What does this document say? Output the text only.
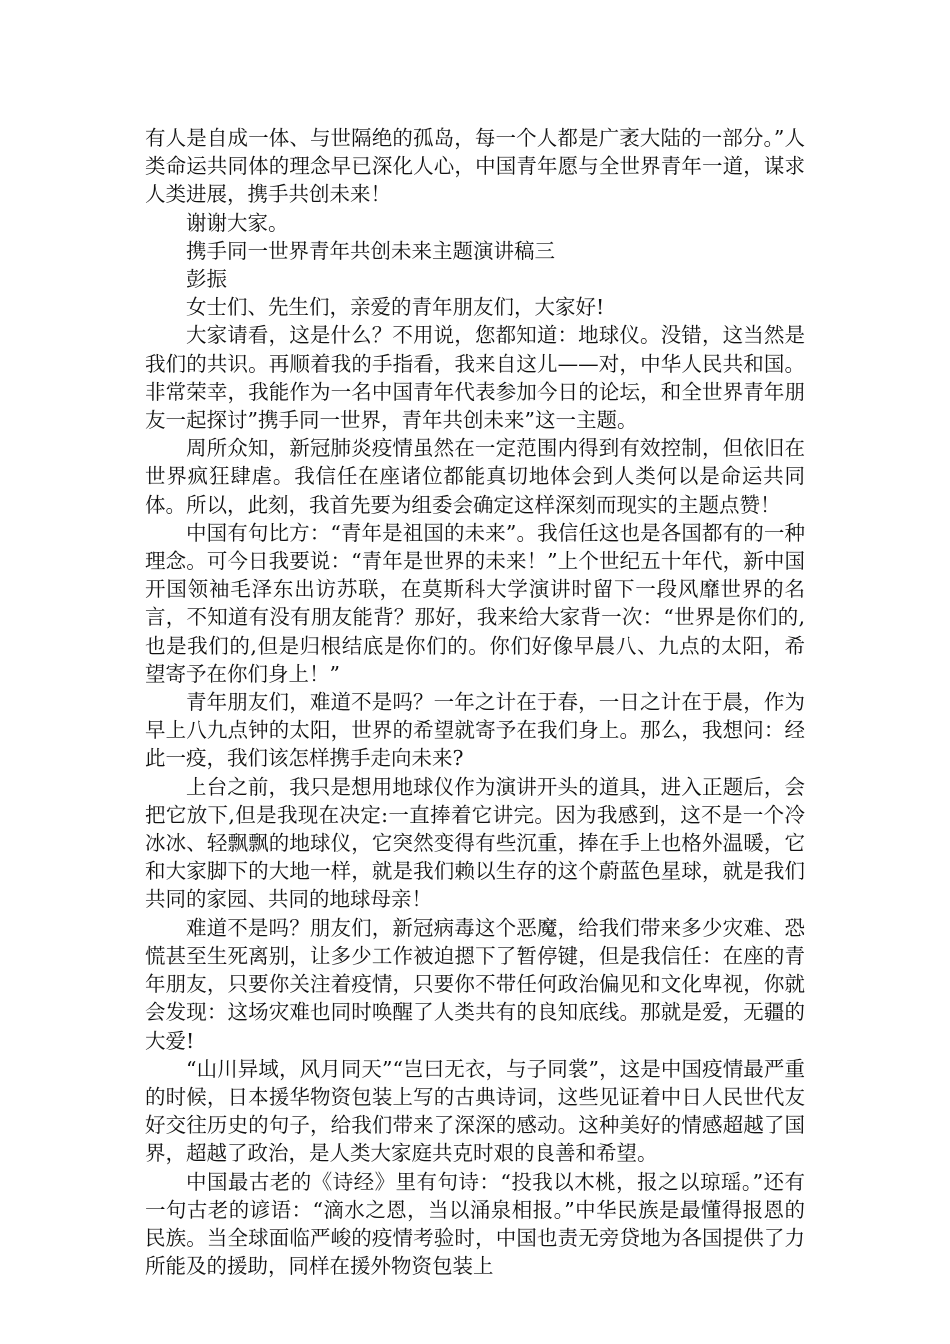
有人是自成一体、与世隔绝的孤岛，每一个人都是广袤大陆的一部分。”人类命运共同体的理念早已深化人心，中国青年愿与全世界青年一道，谋求人类进展，携手共创未来！

谢谢大家。

携手同一世界青年共创未来主题演讲稿三

彭振

女士们、先生们，亲爱的青年朋友们，大家好!

大家请看，这是什么？不用说，您都知道：地球仪。没错，这当然是我们的共识。再顺着我的手指看，我来自这儿——对，中华人民共和国。非常荣幸，我能作为一名中国青年代表参加今日的论坛，和全世界青年朋友一起探讨”携手同一世界，青年共创未来”这一主题。

周所众知，新冠肺炎疫情虽然在一定范围内得到有效控制，但依旧在世界疯狂肆虐。我信任在座诸位都能真切地体会到人类何以是命运共同体。所以，此刻，我首先要为组委会确定这样深刻而现实的主题点赞！

中国有句比方：“青年是祖国的未来”。我信任这也是各国都有的一种理念。可今日我要说：“青年是世界的未来！”上个世纪五十年代，新中国开国领袖毛泽东出访苏联，在莫斯科大学演讲时留下一段风靡世界的名言，不知道有没有朋友能背？那好，我来给大家背一次：“世界是你们的,也是我们的,但是归根结底是你们的。你们好像早晨八、九点的太阳，希望寄予在你们身上！”

青年朋友们，难道不是吗？一年之计在于春，一日之计在于晨，作为早上八九点钟的太阳，世界的希望就寄予在我们身上。那么，我想问：经此一疫，我们该怎样携手走向未来?

上台之前，我只是想用地球仪作为演讲开头的道具，进入正题后，会把它放下,但是我现在决定:一直捧着它讲完。因为我感到，这不是一个冷冰冰、轻飘飘的地球仪，它突然变得有些沉重，捧在手上也格外温暖，它和大家脚下的大地一样，就是我们赖以生存的这个蔚蓝色星球，就是我们共同的家园、共同的地球母亲！

难道不是吗？朋友们，新冠病毒这个恶魔，给我们带来多少灾难、恐慌甚至生死离别，让多少工作被迫摁下了暂停键，但是我信任：在座的青年朋友，只要你关注着疫情，只要你不带任何政治偏见和文化卑视，你就会发现：这场灾难也同时唤醒了人类共有的良知底线。那就是爱，无疆的大爱!

“山川异域，风月同天”“岂曰无衣，与子同裳”，这是中国疫情最严重的时候，日本援华物资包装上写的古典诗词，这些见证着中日人民世代友好交往历史的句子，给我们带来了深深的感动。这种美好的情感超越了国界，超越了政治，是人类大家庭共克时艰的良善和希望。

中国最古老的《诗经》里有句诗：“投我以木桃，报之以琼瑶。”还有一句古老的谚语：“滴水之恩，当以涌泉相报。”中华民族是最懂得报恩的民族。当全球面临严峻的疫情考验时，中国也责无旁贷地为各国提供了力所能及的援助，同样在援外物资包装上
